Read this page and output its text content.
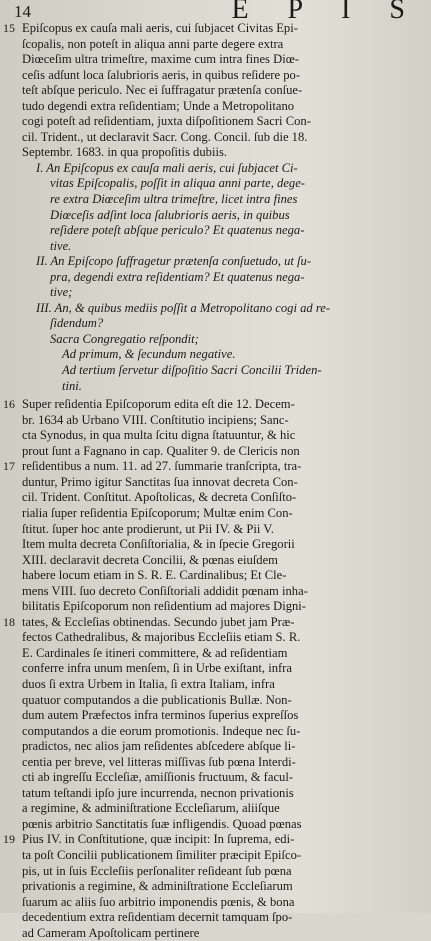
14	E P I S
15 Epiſcopus ex cauſa mali aeris, cui ſubjacet Civitas Epi-
ſcopalis, non poteſt in aliqua anni parte degere extra
Diœceſim ultra trimeſtre, maxime cum intra fines Diœ-
ceſis adſunt loca ſalubrioris aeris, in quibus reſidere po-
teſt abſque periculo. Nec ei ſuffragatur prætenſa conſue-
tudo degendi extra reſidentiam; Unde a Metropolitano
cogi poteſt ad reſidentiam, juxta diſpoſitionem Sacri Con-
cil. Trident., ut declaravit Sacr. Cong. Concil. ſub die 18.
Septembr. 1683. in qua propoſitis dubiis.
I. An Epiſcopus ex cauſa mali aeris, cui ſubjacet Ci-
vitas Epiſcopalis, poſſit in aliqua anni parte, dege-
re extra Diœceſim ultra trimeſtre, licet intra fines
Diœceſis adſint loca ſalubrioris aeris, in quibus
reſidere poteſt abſque periculo? Et quatenus nega-
tive.
II. An Epiſcopo ſuffragetur prætenſa conſuetudo, ut ſu-
pra, degendi extra reſidentiam? Et quatenus nega-
tive;
III. An, & quibus mediis poſſit a Metropolitano cogi ad re-
ſidendum?
Sacra Congregatio reſpondit;
Ad primum, & ſecundum negative.
Ad tertium ſervetur diſpoſitio Sacri Concilii Triden-
tini.
16 Super reſidentia Epiſcoporum edita eſt die 12. Decem-
br. 1634 ab Urbano VIII. Conſtitutio incipiens; Sanc-
cta Synodus, in qua multa ſcitu digna ſtatuuntur, & hic
prout ſunt a Fagnano in cap. Qualiter 9. de Clericis non
17 reſidentibus a num. 11. ad 27. ſummarie tranſcripta, tra-
duntur, Primo igitur Sanctitas ſua innovat decreta Con-
cil. Trident. Conſtitut. Apoſtolicas, & decreta Conſiſto-
rialia ſuper reſidentia Epiſcoporum; Multæ enim Con-
ſtitut. ſuper hoc ante prodierunt, ut Pii IV. & Pii V.
Item multa decreta Conſiſtorialia, & in ſpecie Gregorii
XIII. declaravit decreta Concilii, & pœnas eiuſdem
habere locum etiam in S. R. E. Cardinalibus; Et Cle-
mens VIII. ſuo decreto Conſiſtoriali addidit pœnam inha-
bilitatis Epiſcoporum non reſidentium ad majores Digni-
18 tates, & Eccleſias obtinendas. Secundo jubet jam Præ-
fectos Cathedralibus, & majoribus Eccleſiis etiam S. R.
E. Cardinales ſe itineri committere, & ad reſidentiam
conferre infra unum menſem, ſi in Urbe exiſtant, infra
duos ſi extra Urbem in Italia, ſi extra Italiam, infra
quatuor computandos a die publicationis Bullæ. Non-
dum autem Præfectos infra terminos ſuperius expreſſos
computandos a die eorum promotionis. Indeque nec ſu-
pradictos, nec alios jam reſidentes abſcedere abſque li-
centia per breve, vel litteras miſſivas ſub pœna Interdi-
cti ab ingreſſu Eccleſiæ, amiſſionis fructuum, & facul-
tatum teſtandi ipſo jure incurrenda, necnon privationis
a regimine, & adminiſtratione Eccleſiarum, aliiſque
pœnis arbitrio Sanctitatis ſuæ infligendis. Quoad pœnas
19 Pius IV. in Conſtitutione, quæ incipit: In ſuprema, edi-
ta poſt Concilii publicationem ſimiliter præcipit Epiſco-
pis, ut in ſuis Eccleſiis perſonaliter reſideant ſub pœna
privationis a regimine, & adminiſtratione Eccleſiarum
ſuarum ac aliis ſuo arbitrio imponendis pœnis, & bona
decedentium extra reſidentiam decernit tamquam ſpo-
ad Cameram Apoſtolicam pertinere
